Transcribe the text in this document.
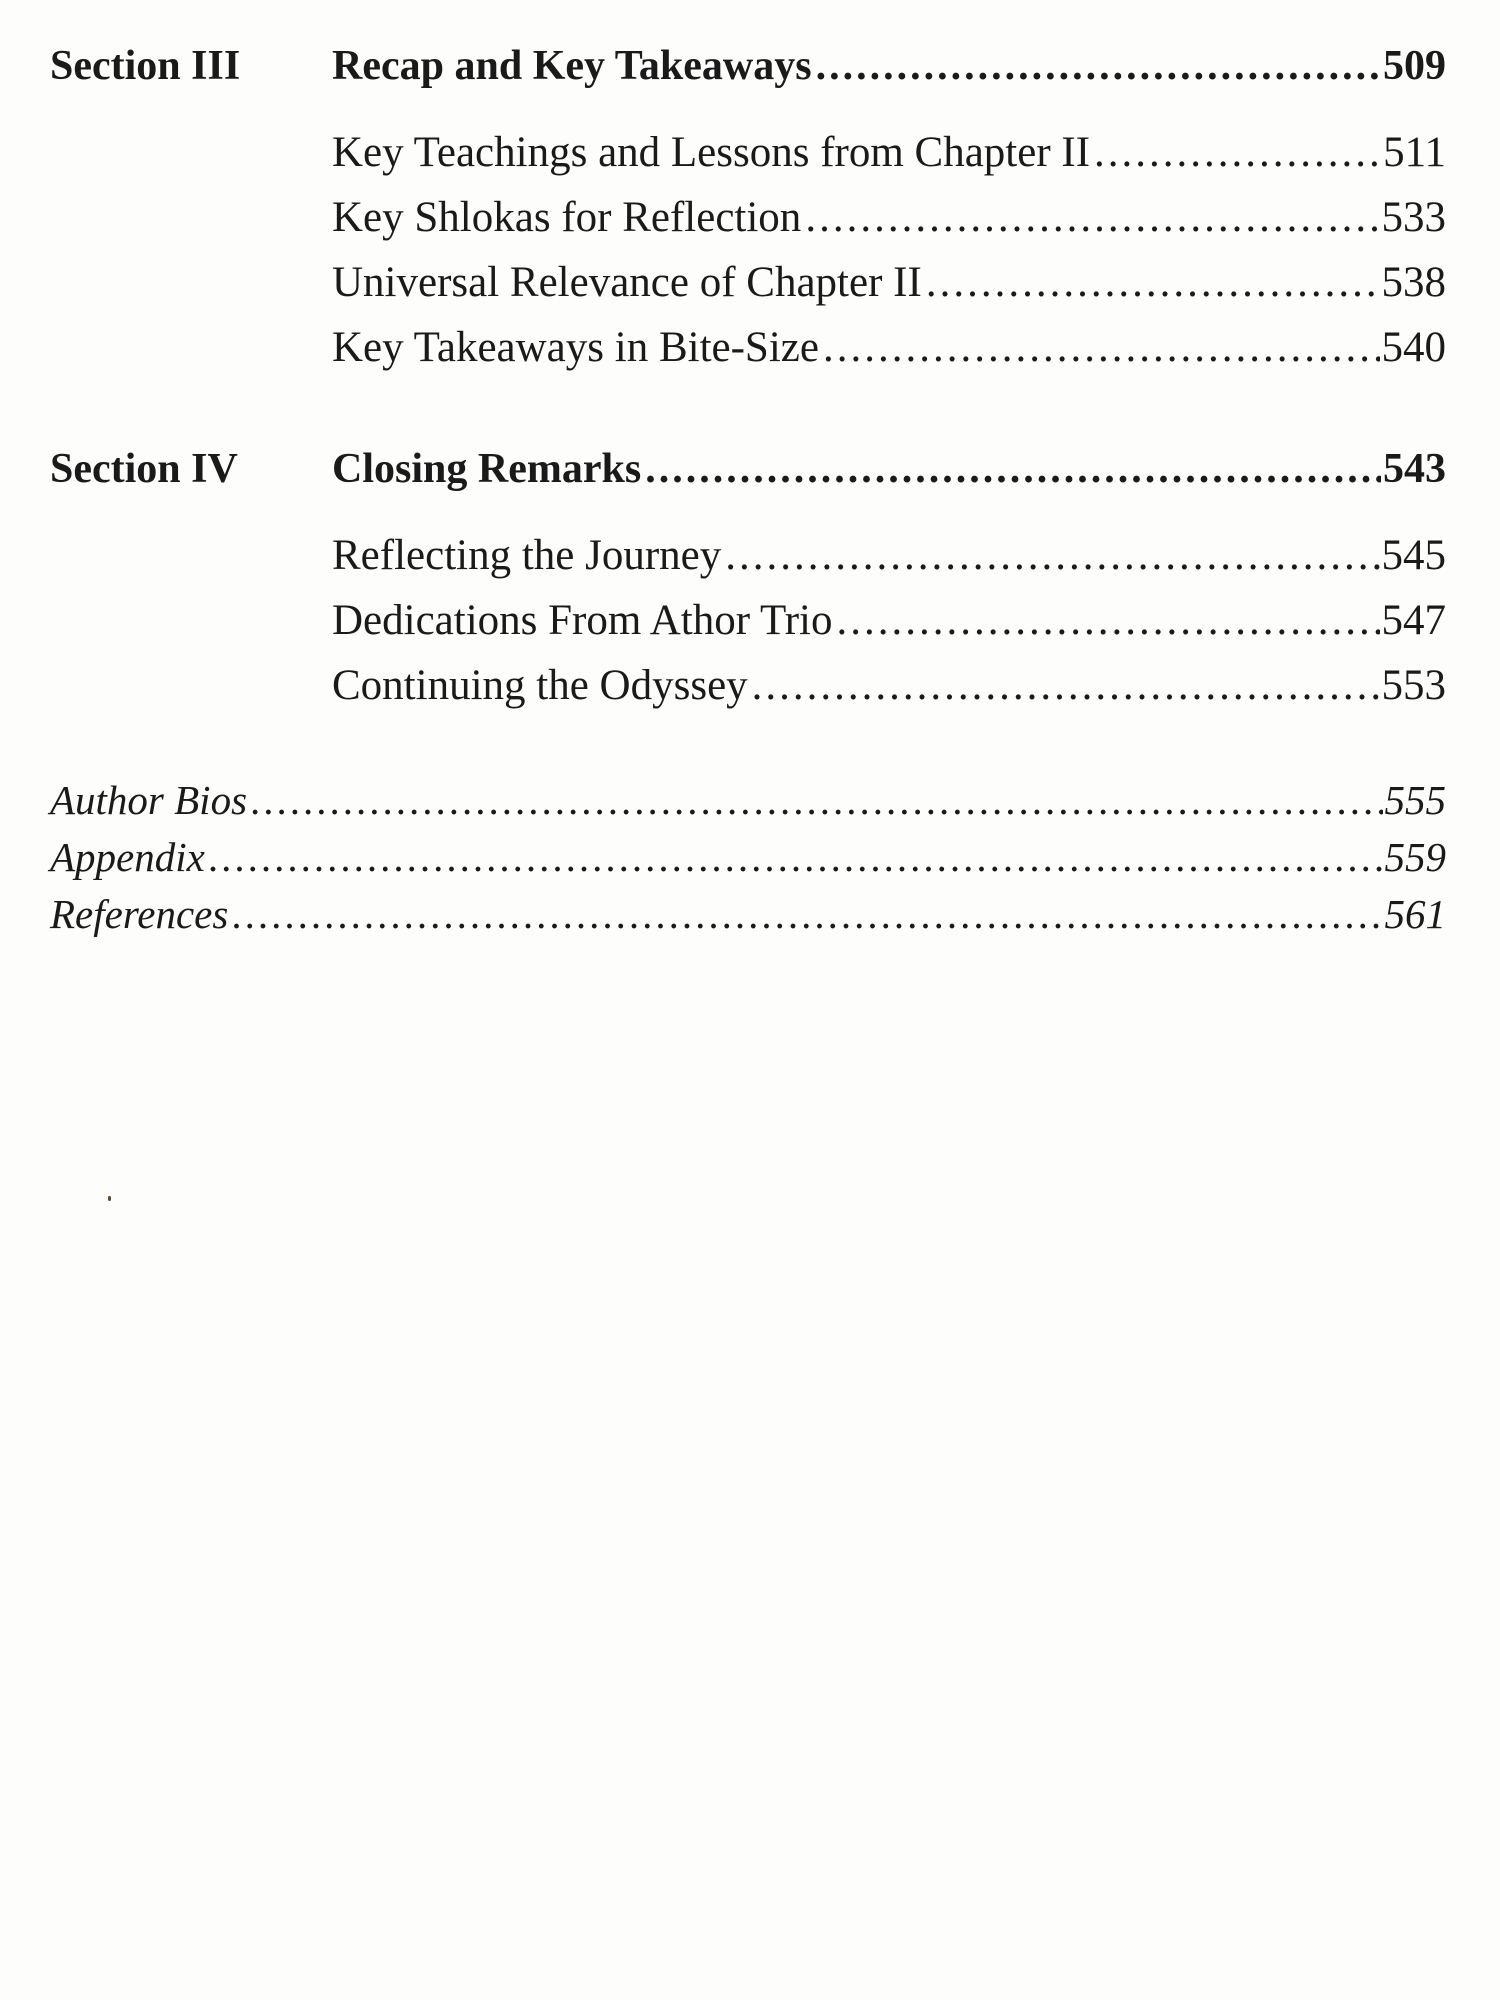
Section III	Recap and Key Takeaways .....	509
Key Teachings and Lessons from Chapter II .....	511
Key Shlokas for Reflection .....	533
Universal Relevance of Chapter II .....	538
Key Takeaways in Bite-Size .....	540
Section IV	Closing Remarks .....	543
Reflecting the Journey .....	545
Dedications From Athor Trio .....	547
Continuing the Odyssey .....	553
Author Bios .....	555
Appendix .....	559
References .....	561
